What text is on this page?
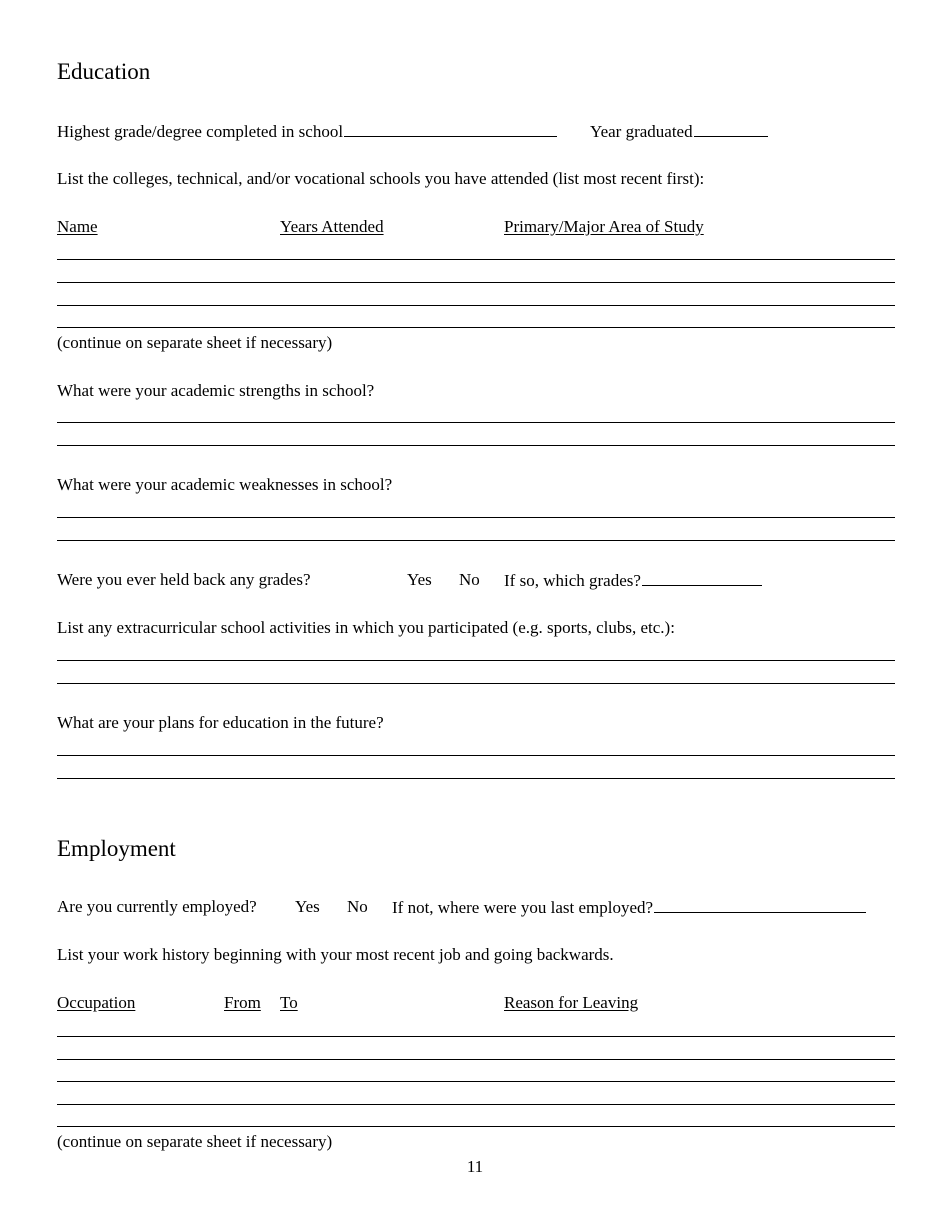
Education
Highest grade/degree completed in school	Year graduated
List the colleges, technical, and/or vocational schools you have attended (list most recent first):
Name	Years Attended	Primary/Major Area of Study
(continue on separate sheet if necessary)
What were your academic strengths in school?
What were your academic weaknesses in school?
Were you ever held back any grades?	Yes No If so, which grades?
List any extracurricular school activities in which you participated (e.g. sports, clubs, etc.):
What are your plans for education in the future?
Employment
Are you currently employed? Yes No If not, where were you last employed?
List your work history beginning with your most recent job and going backwards.
Occupation	From To	Reason for Leaving
(continue on separate sheet if necessary)
11
